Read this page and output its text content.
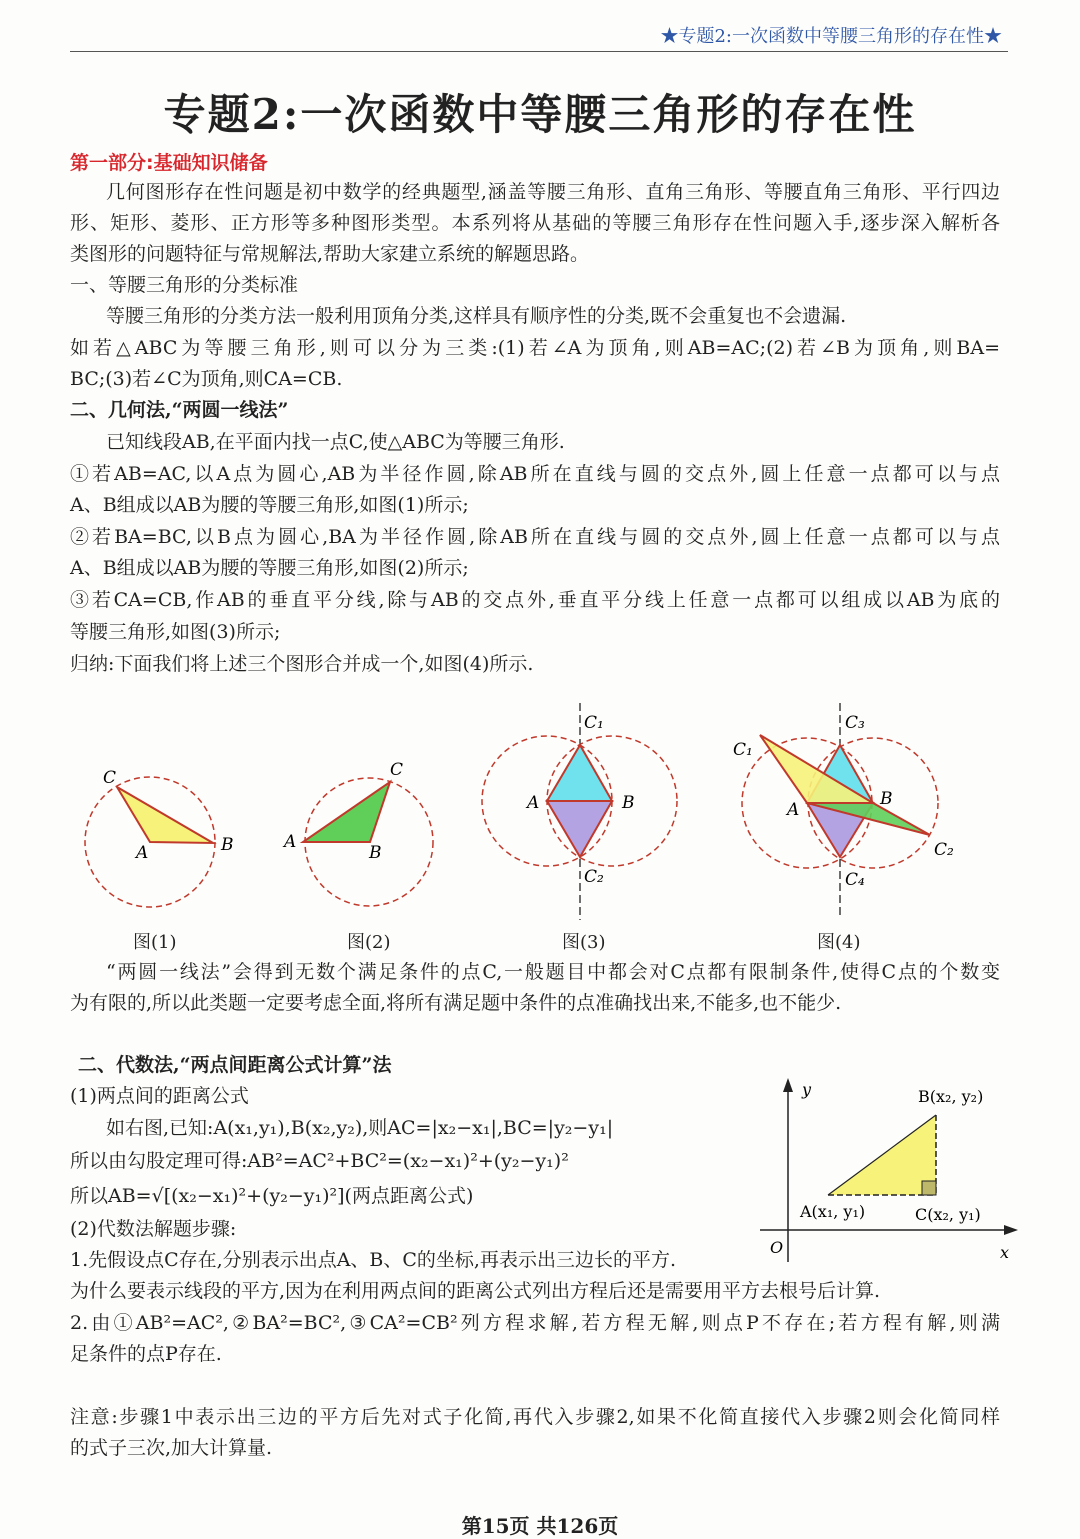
★专题2:一次函数中等腰三角形的存在性★
专题2:一次函数中等腰三角形的存在性
第一部分:基础知识储备
几何图形存在性问题是初中数学的经典题型,涵盖等腰三角形、直角三角形、等腰直角三角形、平行四边
形、矩形、菱形、正方形等多种图形类型。本系列将从基础的等腰三角形存在性问题入手,逐步深入解析各
类图形的问题特征与常规解法,帮助大家建立系统的解题思路。
一、等腰三角形的分类标准
等腰三角形的分类方法一般利用顶角分类,这样具有顺序性的分类,既不会重复也不会遗漏.
如若△ABC为等腰三角形,则可以分为三类:(1)若∠A为顶角,则AB=AC;(2)若∠B为顶角,则BA=
BC;(3)若∠C为顶角,则CA=CB.
二、几何法,“两圆一线法”
已知线段AB,在平面内找一点C,使△ABC为等腰三角形.
①若AB=AC,以A点为圆心,AB为半径作圆,除AB所在直线与圆的交点外,圆上任意一点都可以与点
A、B组成以AB为腰的等腰三角形,如图(1)所示;
②若BA=BC,以B点为圆心,BA为半径作圆,除AB所在直线与圆的交点外,圆上任意一点都可以与点
A、B组成以AB为腰的等腰三角形,如图(2)所示;
③若CA=CB,作AB的垂直平分线,除与AB的交点外,垂直平分线上任意一点都可以组成以AB为底的
等腰三角形,如图(3)所示;
归纳:下面我们将上述三个图形合并成一个,如图(4)所示.
C
A	B
C
A
B
C₁
C₂
A	B
C₁
C₃
C₂
C₄
A
B
y
x
O
B(x₂, y₂)
A(x₁, y₁)	C(x₂, y₁)
图(1)	图(2)	图(3)	图(4)
“两圆一线法”会得到无数个满足条件的点C,一般题目中都会对C点都有限制条件,使得C点的个数变
为有限的,所以此类题一定要考虑全面,将所有满足题中条件的点准确找出来,不能多,也不能少.
二、代数法,“两点间距离公式计算”法
(1)两点间的距离公式
如右图,已知:A(x₁,y₁),B(x₂,y₂),则AC=|x₂−x₁|,BC=|y₂−y₁|
所以由勾股定理可得:AB²=AC²+BC²=(x₂−x₁)²+(y₂−y₁)²
所以AB=√[(x₂−x₁)²+(y₂−y₁)²](两点距离公式)
(2)代数法解题步骤:
1.先假设点C存在,分别表示出点A、B、C的坐标,再表示出三边长的平方.
为什么要表示线段的平方,因为在利用两点间的距离公式列出方程后还是需要用平方去根号后计算.
2.由①AB²=AC²,②BA²=BC²,③CA²=CB²列方程求解,若方程无解,则点P不存在;若方程有解,则满
足条件的点P存在.
注意:步骤1中表示出三边的平方后先对式子化简,再代入步骤2,如果不化简直接代入步骤2则会化简同样
的式子三次,加大计算量.
第15页 共126页
